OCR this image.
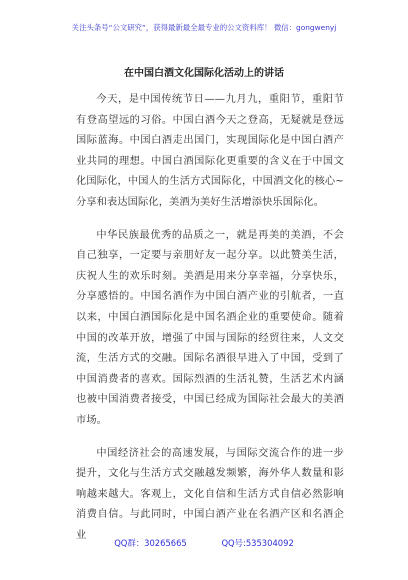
关注头条号“公文研究”，获得最新最全最专业的公文资料库！ 微信：gongwenyj
在中国白酒文化国际化活动上的讲话

今天，是中国传统节日——九月九，重阳节，重阳节有登高望远的习俗。中国白酒今天之登高，无疑就是登远国际蓝海。中国白酒走出国门，实现国际化是中国白酒产业共同的理想。中国白酒国际化更重要的含义在于中国文化国际化，中国人的生活方式国际化，中国酒文化的核心~分享和表达国际化，美酒为美好生活增添快乐国际化。

中华民族最优秀的品质之一，就是再美的美酒，不会自己独享，一定要与亲朋好友一起分享。以此赞美生活，庆祝人生的欢乐时刻。美酒是用来分享幸福，分享快乐，分享感悟的。中国名酒作为中国白酒产业的引航者，一直以来，中国白酒国际化是中国名酒企业的重要使命。随着中国的改革开放，增强了中国与国际的经贸往来，人文交流，生活方式的交融。国际名酒很早进入了中国，受到了中国消费者的喜欢。国际烈酒的生活礼赞，生活艺术内涵也被中国消费者接受，中国已经成为国际社会最大的美酒市场。

中国经济社会的高速发展，与国际交流合作的进一步提升，文化与生活方式交融越发频繁，海外华人数量和影响越来越大。客观上，文化自信和生活方式自信必然影响消费自信。与此同时，中国白酒产业在名酒产区和名酒企业

QQ群：30265665	QQ号:535304092
